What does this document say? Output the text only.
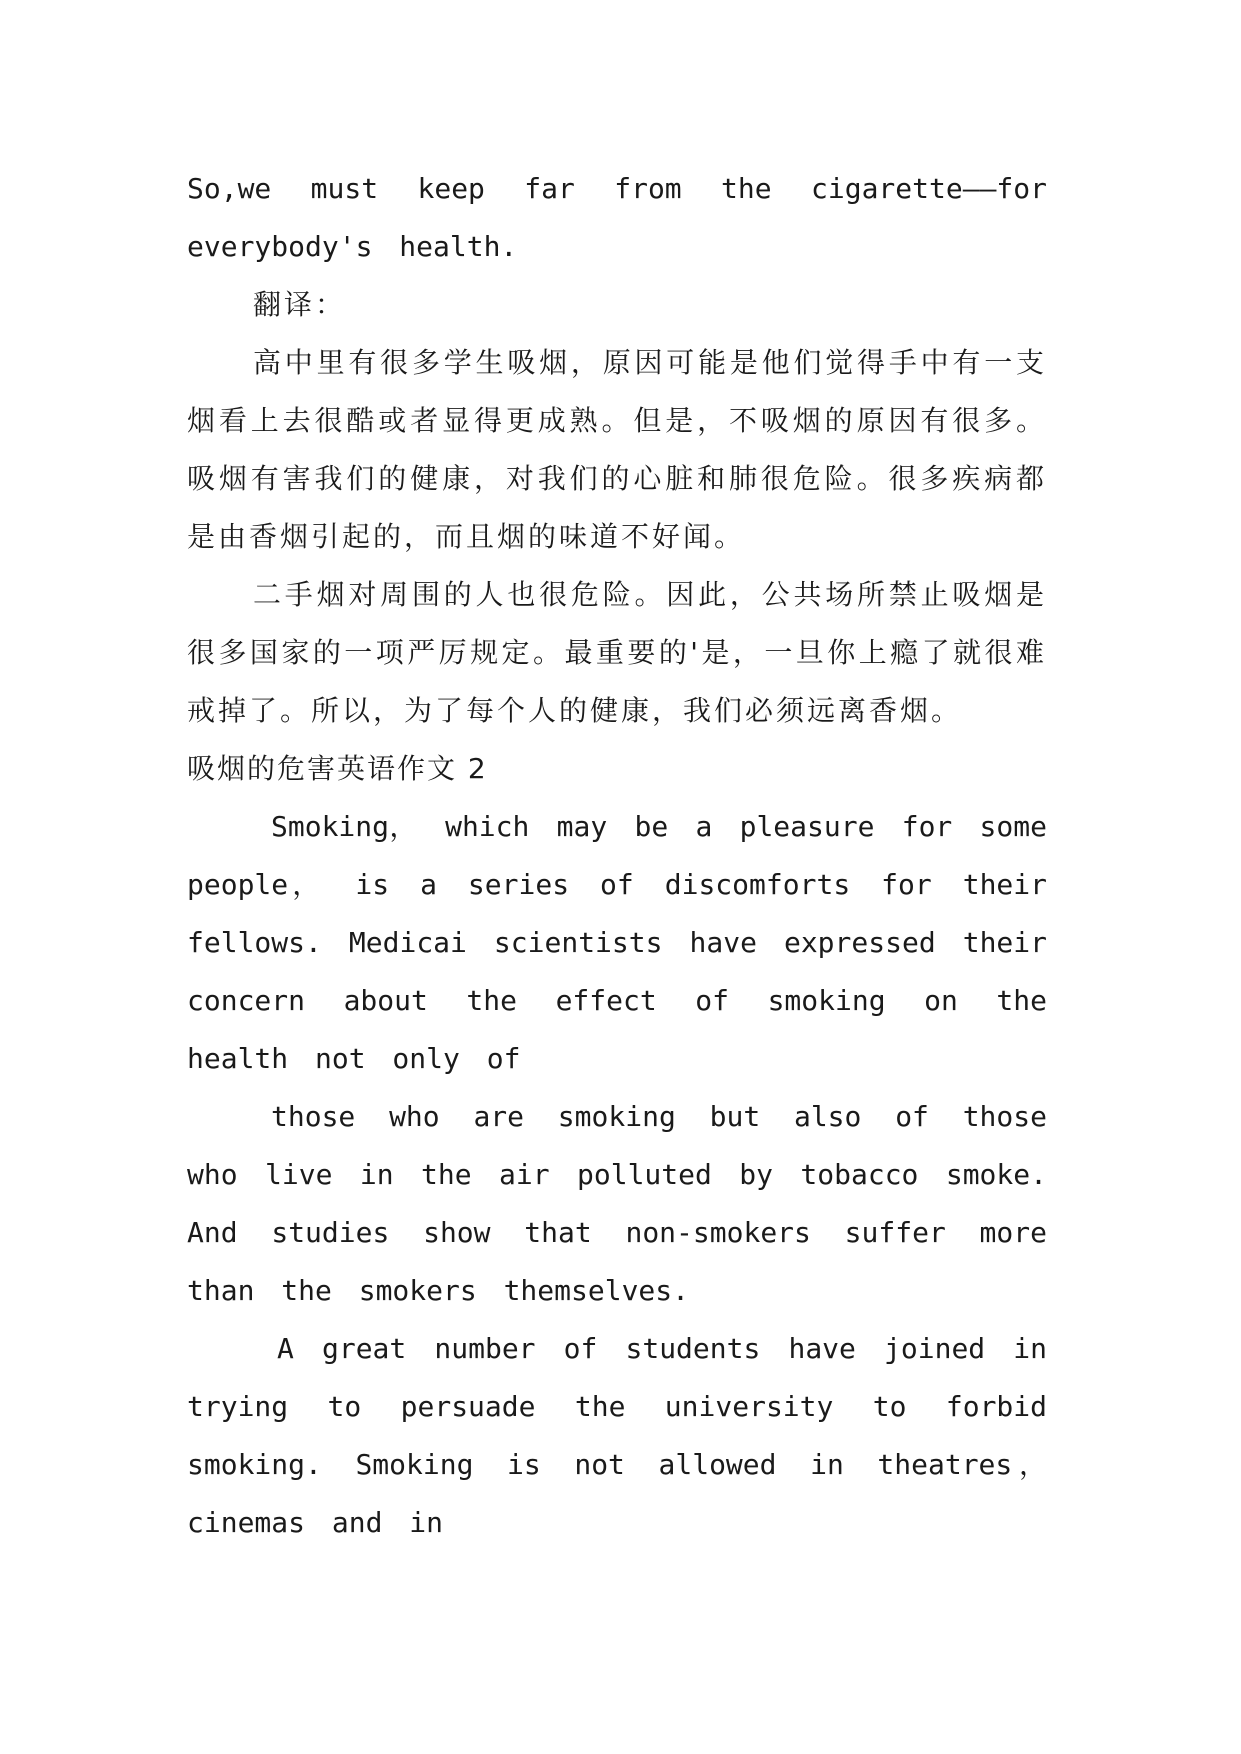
So,we must keep far from the cigarette——for everybody's health.

翻译：

高中里有很多学生吸烟，原因可能是他们觉得手中有一支烟看上去很酷或者显得更成熟。但是，不吸烟的原因有很多。吸烟有害我们的健康，对我们的心脏和肺很危险。很多疾病都是由香烟引起的，而且烟的味道不好闻。

二手烟对周围的人也很危险。因此，公共场所禁止吸烟是很多国家的一项严厉规定。最重要的'是，一旦你上瘾了就很难戒掉了。所以，为了每个人的健康，我们必须远离香烟。

吸烟的危害英语作文 2

Smoking， which may be a pleasure for some people， is a series of discomforts for their fellows. Medicai scientists have expressed their concern about the effect of smoking on the health not only of

those who are smoking but also of those who live in the air polluted by tobacco smoke. And studies show that non-smokers suffer more than the smokers themselves.

A great number of students have joined in trying to persuade the university to forbid smoking. Smoking is not allowed in theatres， cinemas and in
